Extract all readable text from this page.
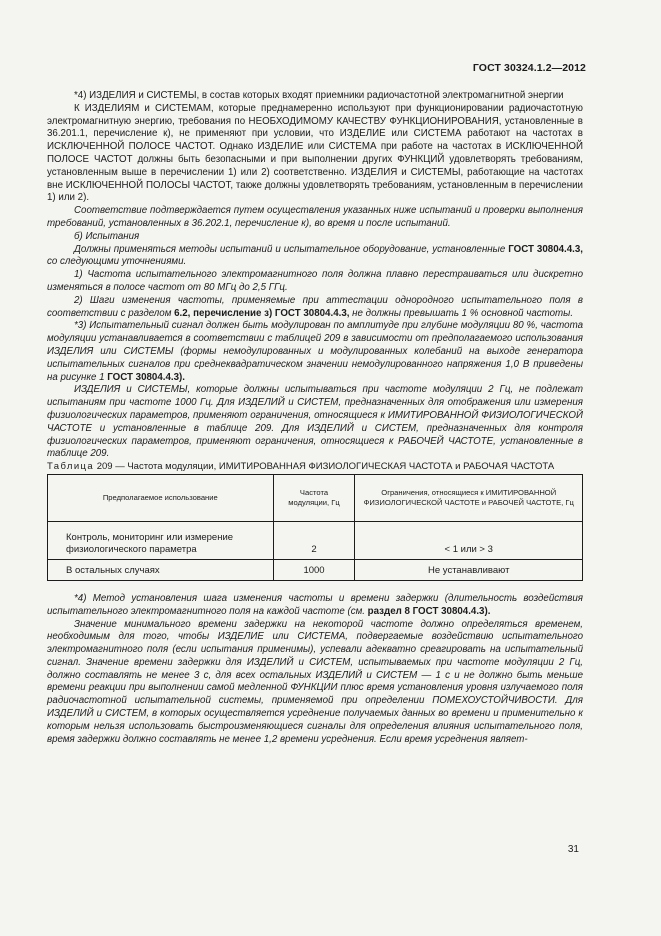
ГОСТ 30324.1.2—2012

*4) ИЗДЕЛИЯ и СИСТЕМЫ, в состав которых входят приемники радиочастотной электромагнитной энергии

К ИЗДЕЛИЯМ и СИСТЕМАМ, которые преднамеренно используют при функционировании радиочастотную электромагнитную энергию, требования по НЕОБХОДИМОМУ КАЧЕСТВУ ФУНКЦИОНИРОВАНИЯ, установленные в 36.201.1, перечисление к), не применяют при условии, что ИЗДЕЛИЕ или СИСТЕМА работают на частотах в ИСКЛЮЧЕННОЙ ПОЛОСЕ ЧАСТОТ. Однако ИЗДЕЛИЕ или СИСТЕМА при работе на частотах в ИСКЛЮЧЕННОЙ ПОЛОСЕ ЧАСТОТ должны быть безопасными и при выполнении других ФУНКЦИЙ удовлетворять требованиям, установленным выше в перечислении 1) или 2) соответственно. ИЗДЕЛИЯ и СИСТЕМЫ, работающие на частотах вне ИСКЛЮЧЕННОЙ ПОЛОСЫ ЧАСТОТ, также должны удовлетворять требованиям, установленным в перечислении 1) или 2).

Соответствие подтверждается путем осуществления указанных ниже испытаний и проверки выполнения требований, установленных в 36.202.1, перечисление к), во время и после испытаний.

б) Испытания

Должны применяться методы испытаний и испытательное оборудование, установленные ГОСТ 30804.4.3, со следующими уточнениями.

1) Частота испытательного электромагнитного поля должна плавно перестраиваться или дискретно изменяться в полосе частот от 80 МГц до 2,5 ГГц.

2) Шаги изменения частоты, применяемые при аттестации однородного испытательного поля в соответствии с разделом 6.2, перечисление з) ГОСТ 30804.4.3, не должны превышать 1 % основной частоты.

*3) Испытательный сигнал должен быть модулирован по амплитуде при глубине модуляции 80 %, частота модуляции устанавливается в соответствии с таблицей 209 в зависимости от предполагаемого использования ИЗДЕЛИЯ или СИСТЕМЫ (формы немодулированных и модулированных колебаний на выходе генератора испытательных сигналов при среднеквадратическом значении немодулированного напряжения 1,0 В приведены на рисунке 1 ГОСТ 30804.4.3).

ИЗДЕЛИЯ и СИСТЕМЫ, которые должны испытываться при частоте модуляции 2 Гц, не подлежат испытаниям при частоте 1000 Гц. Для ИЗДЕЛИЙ и СИСТЕМ, предназначенных для отображения или измерения физиологических параметров, применяют ограничения, относящиеся к ИМИТИРОВАННОЙ ФИЗИОЛОГИЧЕСКОЙ ЧАСТОТЕ и установленные в таблице 209. Для ИЗДЕЛИЙ и СИСТЕМ, предназначенных для контроля физиологических параметров, применяют ограничения, относящиеся к РАБОЧЕЙ ЧАСТОТЕ, установленные в таблице 209.

Таблица 209 — Частота модуляции, ИМИТИРОВАННАЯ ФИЗИОЛОГИЧЕСКАЯ ЧАСТОТА и РАБОЧАЯ ЧАСТОТА

Предполагаемое использование	Частота модуляции, Гц	Ограничения, относящиеся к ИМИТИРОВАННОЙ ФИЗИОЛОГИЧЕСКОЙ ЧАСТОТЕ и РАБОЧЕЙ ЧАСТОТЕ, Гц
Контроль, мониторинг или измерение физиологического параметра	2	< 1 или > 3
В остальных случаях	1000	Не устанавливают

*4) Метод установления шага изменения частоты и времени задержки (длительность воздействия испытательного электромагнитного поля на каждой частоте (см. раздел 8 ГОСТ 30804.4.3).

Значение минимального времени задержки на некоторой частоте должно определяться временем, необходимым для того, чтобы ИЗДЕЛИЕ или СИСТЕМА, подвергаемые воздействию испытательного электромагнитного поля (если испытания применимы), успевали адекватно среагировать на испытательный сигнал. Значение времени задержки для ИЗДЕЛИЙ и СИСТЕМ, испытываемых при частоте модуляции 2 Гц, должно составлять не менее 3 с, для всех остальных ИЗДЕЛИЙ и СИСТЕМ — 1 с и не должно быть меньше времени реакции при выполнении самой медленной ФУНКЦИИ плюс время установления уровня излучаемого поля радиочастотной испытательной системы, применяемой при определении ПОМЕХОУСТОЙЧИВОСТИ. Для ИЗДЕЛИЙ и СИСТЕМ, в которых осуществляется усреднение получаемых данных во времени и применительно к которым нельзя использовать быстроизменяющиеся сигналы для определения влияния испытательного поля, время задержки должно составлять не менее 1,2 времени усреднения. Если время усреднения являет-

31
